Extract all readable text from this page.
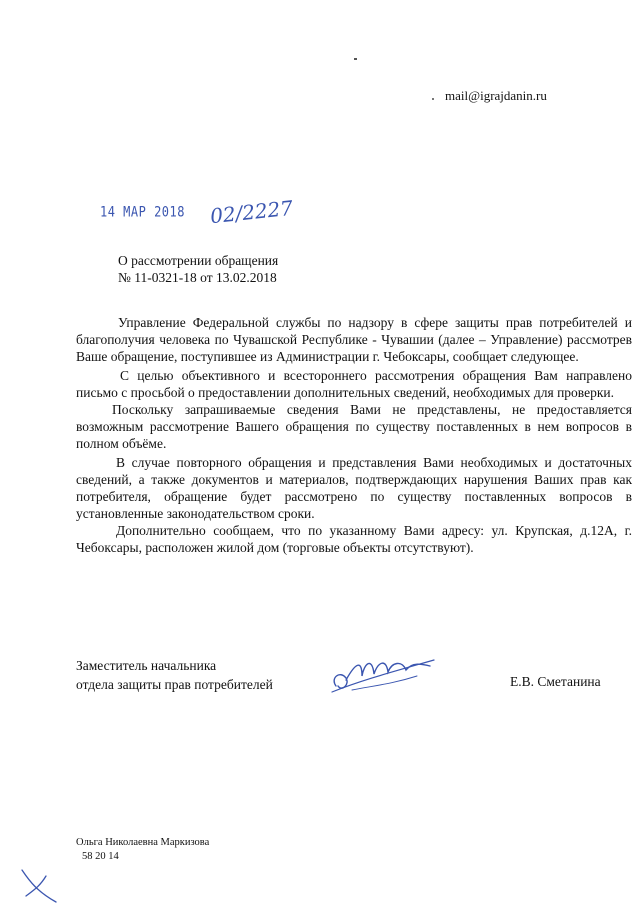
mail@igrajdanin.ru
14 МАР 2018 02/2227
О рассмотрении обращения
№ 11-0321-18 от 13.02.2018

Управление Федеральной службы по надзору в сфере защиты прав потребителей и благополучия человека по Чувашской Республике - Чувашии (далее – Управление) рассмотрев Ваше обращение, поступившее из Администрации г. Чебоксары, сообщает следующее.

С целью объективного и всестороннего рассмотрения обращения Вам направлено письмо с просьбой о предоставлении дополнительных сведений, необходимых для проверки.

Поскольку запрашиваемые сведения Вами не представлены, не предоставляется возможным рассмотрение Вашего обращения по существу поставленных в нем вопросов в полном объёме.

В случае повторного обращения и представления Вами необходимых и достаточных сведений, а также документов и материалов, подтверждающих нарушения Ваших прав как потребителя, обращение будет рассмотрено по существу поставленных вопросов в установленные законодательством сроки.

Дополнительно сообщаем, что по указанному Вами адресу: ул. Крупская, д.12А, г. Чебоксары, расположен жилой дом (торговые объекты отсутствуют).

Заместитель начальника
отдела защиты прав потребителей	Е.В. Сметанина
Ольга Николаевна Маркизова
58 20 14
